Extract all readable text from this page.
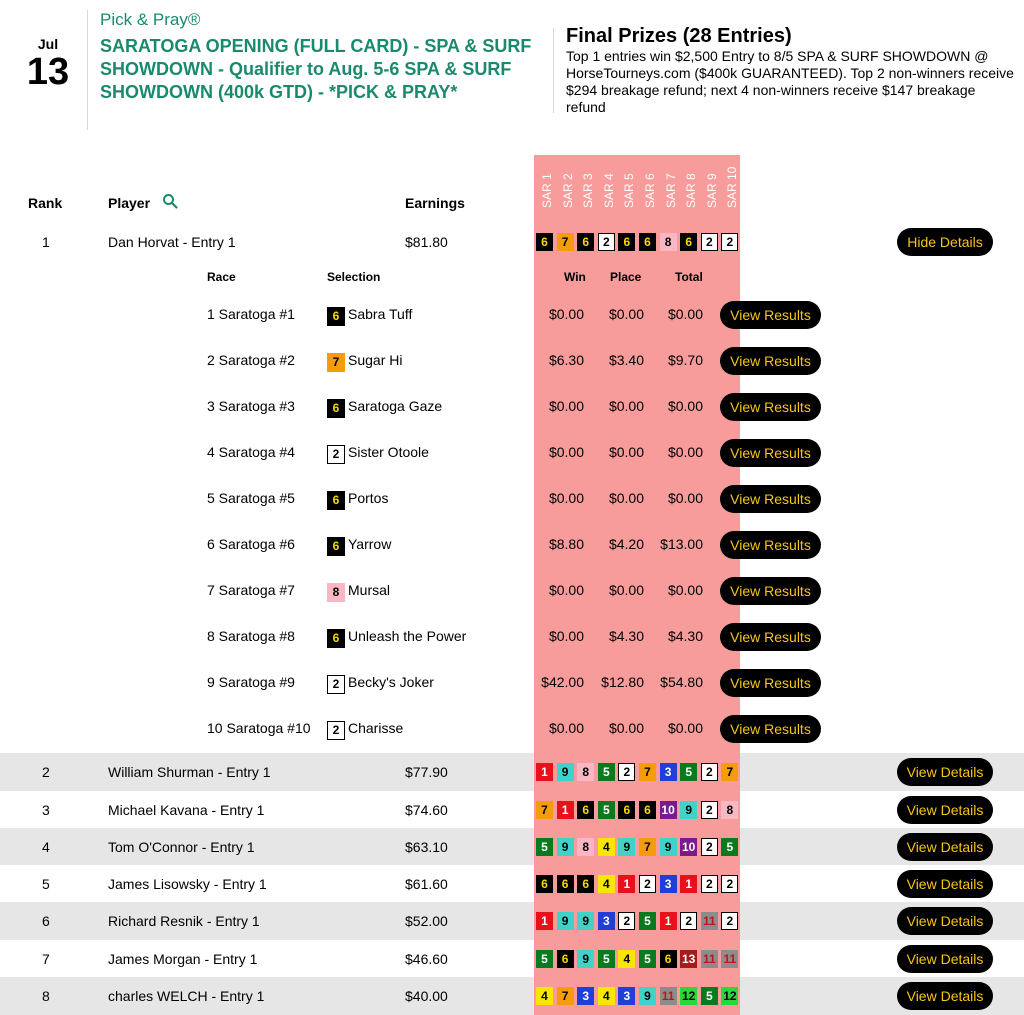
Jul
13
Pick & Pray®
SARATOGA OPENING (FULL CARD) - SPA & SURF SHOWDOWN - Qualifier to Aug. 5-6 SPA & SURF SHOWDOWN (400k GTD) - *PICK & PRAY*
Final Prizes (28 Entries)
Top 1 entries win $2,500 Entry to 8/5 SPA & SURF SHOWDOWN @ HorseTourneys.com ($400k GUARANTEED). Top 2 non-winners receive $294 breakage refund; next 4 non-winners receive $147 breakage refund
SAR 1 SAR 2 SAR 3 SAR 4 SAR 5 SAR 6 SAR 7 SAR 8 SAR 9 SAR 10
Rank	Player	Earnings
Race	Selection	Win Place	Total
1	Dan Horvat - Entry 1	$81.80	6	7	6	2	6	6	8	6	2	2	Hide Details
2	William Shurman - Entry 1	$77.90	1	9	8	5	2	7	3	5	2	7	View Details
3	Michael Kavana - Entry 1	$74.60	7	1	6	5	6	6 10 9	2	8	View Details
4	Tom O'Connor - Entry 1	$63.10	5	9	8	4	9	7	9 10 2	5	View Details
5	James Lisowsky - Entry 1	$61.60	6	6	6	4	1	2	3	1	2	2	View Details
6	Richard Resnik - Entry 1	$52.00	1	9	9	3	2	5	1	2 11 2	View Details
7	James Morgan - Entry 1	$46.60	5	6	9	5	4	5	6 13 11 11	View Details
8	charles WELCH - Entry 1	$40.00	4	7	3	4	3	9 11 12 5 12	View Details
1 Saratoga #1	6 Sabra Tuff	$0.00 $0.00 $0.00	View Results
2 Saratoga #2	7 Sugar Hi	$6.30 $3.40 $9.70	View Results
3 Saratoga #3	6 Saratoga Gaze	$0.00 $0.00 $0.00	View Results
4 Saratoga #4	2 Sister Otoole	$0.00 $0.00 $0.00	View Results
5 Saratoga #5	6 Portos	$0.00 $0.00 $0.00	View Results
6 Saratoga #6	6 Yarrow	$8.80 $4.20 $13.00	View Results
7 Saratoga #7	8 Mursal	$0.00 $0.00 $0.00	View Results
8 Saratoga #8	6 Unleash the Power	$0.00 $4.30 $4.30	View Results
9 Saratoga #9	2 Becky's Joker	$42.00 $12.80 $54.80	View Results
10 Saratoga #10	2 Charisse	$0.00 $0.00 $0.00	View Results
